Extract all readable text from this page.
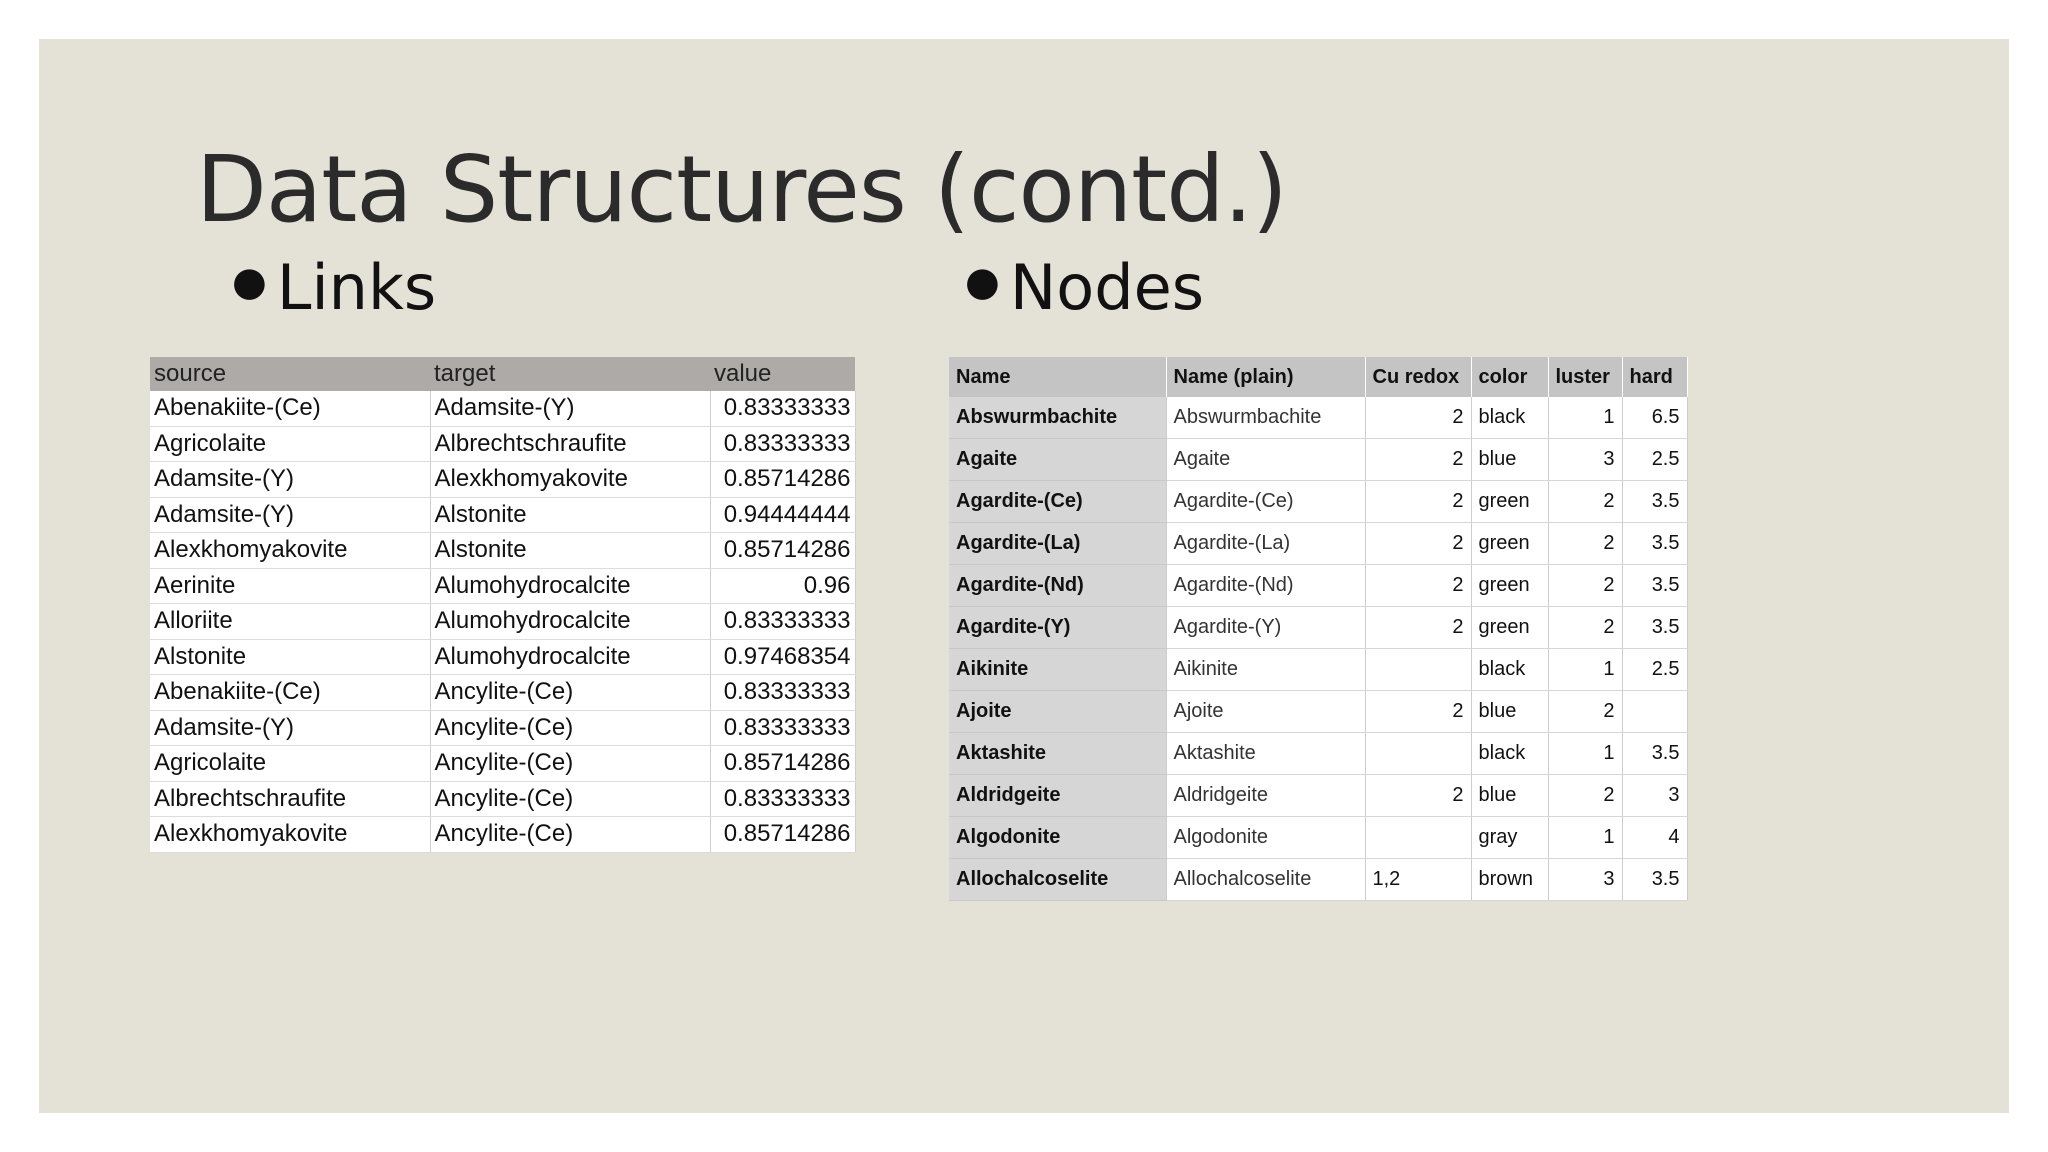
Data Structures (contd.)
● Links	● Nodes
source	target	value
Abenakiite-(Ce)	Adamsite-(Y)	0.83333333
Agricolaite	Albrechtschraufite	0.83333333
Adamsite-(Y)	Alexkhomyakovite	0.85714286
Adamsite-(Y)	Alstonite	0.94444444
Alexkhomyakovite	Alstonite	0.85714286
Aerinite	Alumohydrocalcite	0.96
Alloriite	Alumohydrocalcite	0.83333333
Alstonite	Alumohydrocalcite	0.97468354
Abenakiite-(Ce)	Ancylite-(Ce)	0.83333333
Adamsite-(Y)	Ancylite-(Ce)	0.83333333
Agricolaite	Ancylite-(Ce)	0.85714286
Albrechtschraufite	Ancylite-(Ce)	0.83333333
Alexkhomyakovite	Ancylite-(Ce)	0.85714286
Name	Name (plain)	Cu redox	color	luster	hard
Abswurmbachite	Abswurmbachite	2	black	1	6.5
Agaite	Agaite	2	blue	3	2.5
Agardite-(Ce)	Agardite-(Ce)	2	green	2	3.5
Agardite-(La)	Agardite-(La)	2	green	2	3.5
Agardite-(Nd)	Agardite-(Nd)	2	green	2	3.5
Agardite-(Y)	Agardite-(Y)	2	green	2	3.5
Aikinite	Aikinite		black	1	2.5
Ajoite	Ajoite	2	blue	2	
Aktashite	Aktashite		black	1	3.5
Aldridgeite	Aldridgeite	2	blue	2	3
Algodonite	Algodonite		gray	1	4
Allochalcoselite	Allochalcoselite	1,2	brown	3	3.5
